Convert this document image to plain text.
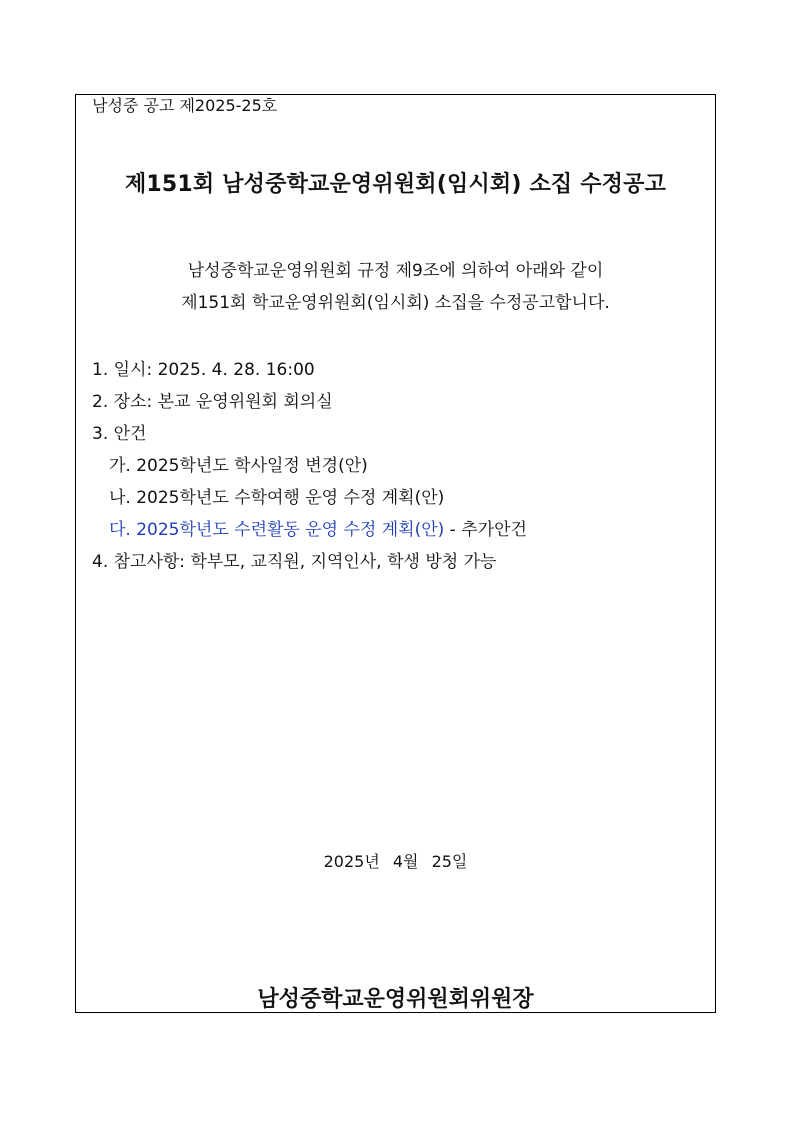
남성중 공고 제2025-25호
제151회 남성중학교운영위원회(임시회) 소집 수정공고
남성중학교운영위원회 규정 제9조에 의하여 아래와 같이
제151회 학교운영위원회(임시회) 소집을 수정공고합니다.
1. 일시: 2025. 4. 28. 16:00
2. 장소: 본교 운영위원회 회의실
3. 안건
가. 2025학년도 학사일정 변경(안)
나. 2025학년도 수학여행 운영 수정 계획(안)
다. 2025학년도 수련활동 운영 수정 계획(안) - 추가안건
4. 참고사항: 학부모, 교직원, 지역인사, 학생 방청 가능
2025년 4월 25일
남성중학교운영위원회위원장
